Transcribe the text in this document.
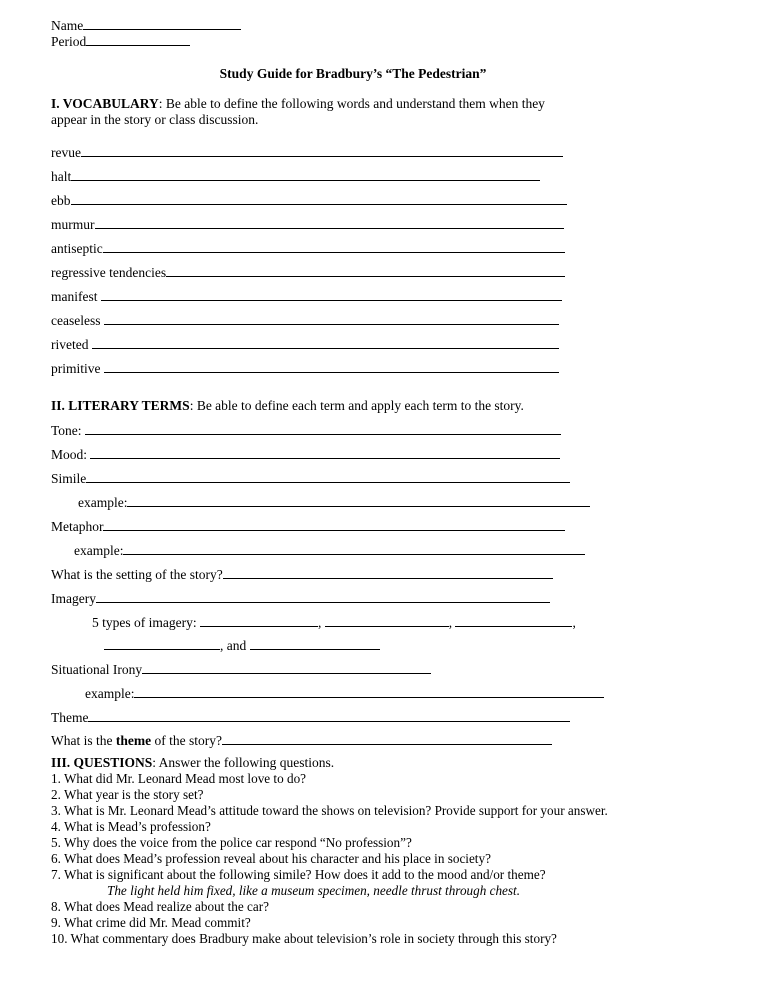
Name
Period
Study Guide for Bradbury’s “The Pedestrian”
I. VOCABULARY: Be able to define the following words and understand them when they
appear in the story or class discussion.
revue
halt
ebb
murmur
antiseptic
regressive tendencies
manifest
ceaseless
riveted
primitive
II. LITERARY TERMS: Be able to define each term and apply each term to the story.
Tone:
Mood:
Simile
example:
Metaphor
example:
What is the setting of the story?
Imagery
5 types of imagery:	,	,	,
, and
Situational Irony
example:
Theme
What is the theme of the story?
III. QUESTIONS: Answer the following questions.
1. What did Mr. Leonard Mead most love to do?
2. What year is the story set?
3. What is Mr. Leonard Mead’s attitude toward the shows on television? Provide support for your answer.
4. What is Mead’s profession?
5. Why does the voice from the police car respond “No profession”?
6. What does Mead’s profession reveal about his character and his place in society?
7. What is significant about the following simile? How does it add to the mood and/or theme?
The light held him fixed, like a museum specimen, needle thrust through chest.
8. What does Mead realize about the car?
9. What crime did Mr. Mead commit?
10. What commentary does Bradbury make about television’s role in society through this story?
